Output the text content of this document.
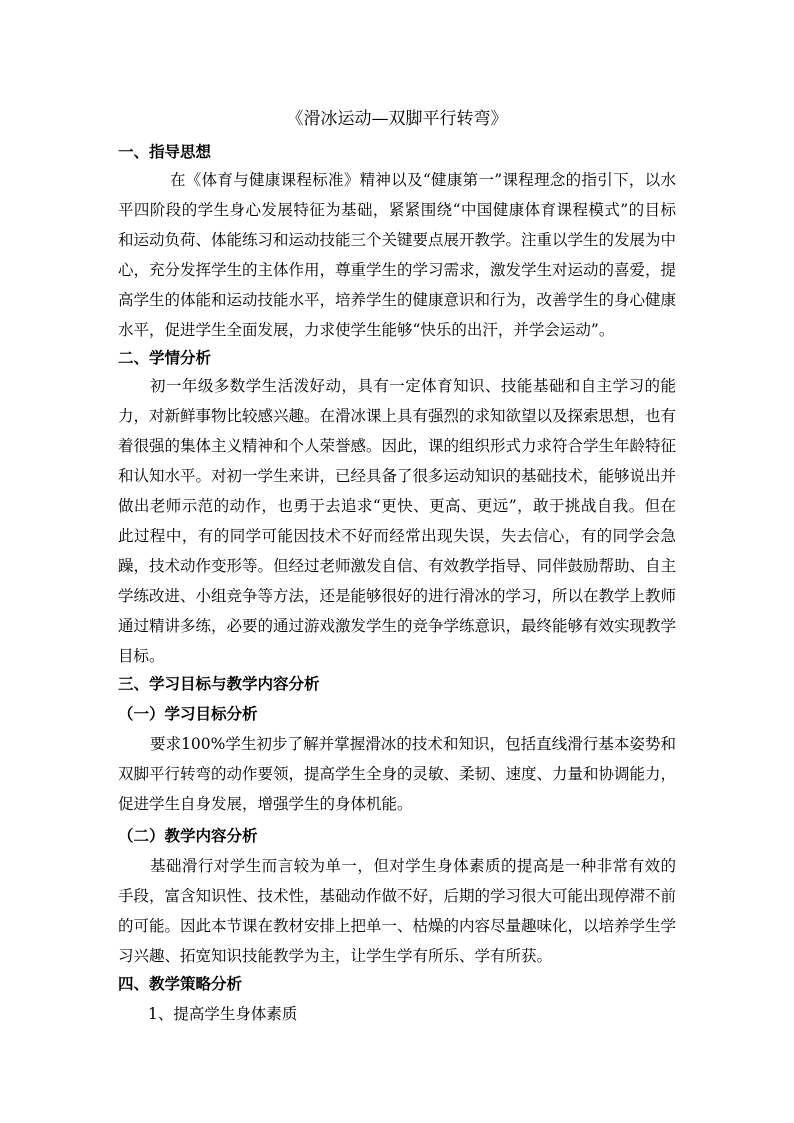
《滑冰运动—双脚平行转弯》
一、指导思想

在《体育与健康课程标准》精神以及“健康第一”课程理念的指引下，以水平四阶段的学生身心发展特征为基础，紧紧围绕“中国健康体育课程模式”的目标和运动负荷、体能练习和运动技能三个关键要点展开教学。注重以学生的发展为中心，充分发挥学生的主体作用，尊重学生的学习需求，激发学生对运动的喜爱，提高学生的体能和运动技能水平，培养学生的健康意识和行为，改善学生的身心健康水平，促进学生全面发展，力求使学生能够“快乐的出汗，并学会运动”。

二、学情分析

初一年级多数学生活泼好动，具有一定体育知识、技能基础和自主学习的能力，对新鲜事物比较感兴趣。在滑冰课上具有强烈的求知欲望以及探索思想，也有着很强的集体主义精神和个人荣誉感。因此，课的组织形式力求符合学生年龄特征和认知水平。对初一学生来讲，已经具备了很多运动知识的基础技术，能够说出并做出老师示范的动作，也勇于去追求“更快、更高、更远”，敢于挑战自我。但在此过程中，有的同学可能因技术不好而经常出现失误，失去信心，有的同学会急躁，技术动作变形等。但经过老师激发自信、有效教学指导、同伴鼓励帮助、自主学练改进、小组竞争等方法，还是能够很好的进行滑冰的学习，所以在教学上教师通过精讲多练，必要的通过游戏激发学生的竞争学练意识，最终能够有效实现教学目标。

三、学习目标与教学内容分析
（一）学习目标分析

要求100%学生初步了解并掌握滑冰的技术和知识，包括直线滑行基本姿势和双脚平行转弯的动作要领，提高学生全身的灵敏、柔韧、速度、力量和协调能力，促进学生自身发展，增强学生的身体机能。

（二）教学内容分析

基础滑行对学生而言较为单一，但对学生身体素质的提高是一种非常有效的手段，富含知识性、技术性，基础动作做不好，后期的学习很大可能出现停滞不前的可能。因此本节课在教材安排上把单一、枯燥的内容尽量趣味化，以培养学生学习兴趣、拓宽知识技能教学为主，让学生学有所乐、学有所获。

四、教学策略分析
1、提高学生身体素质
